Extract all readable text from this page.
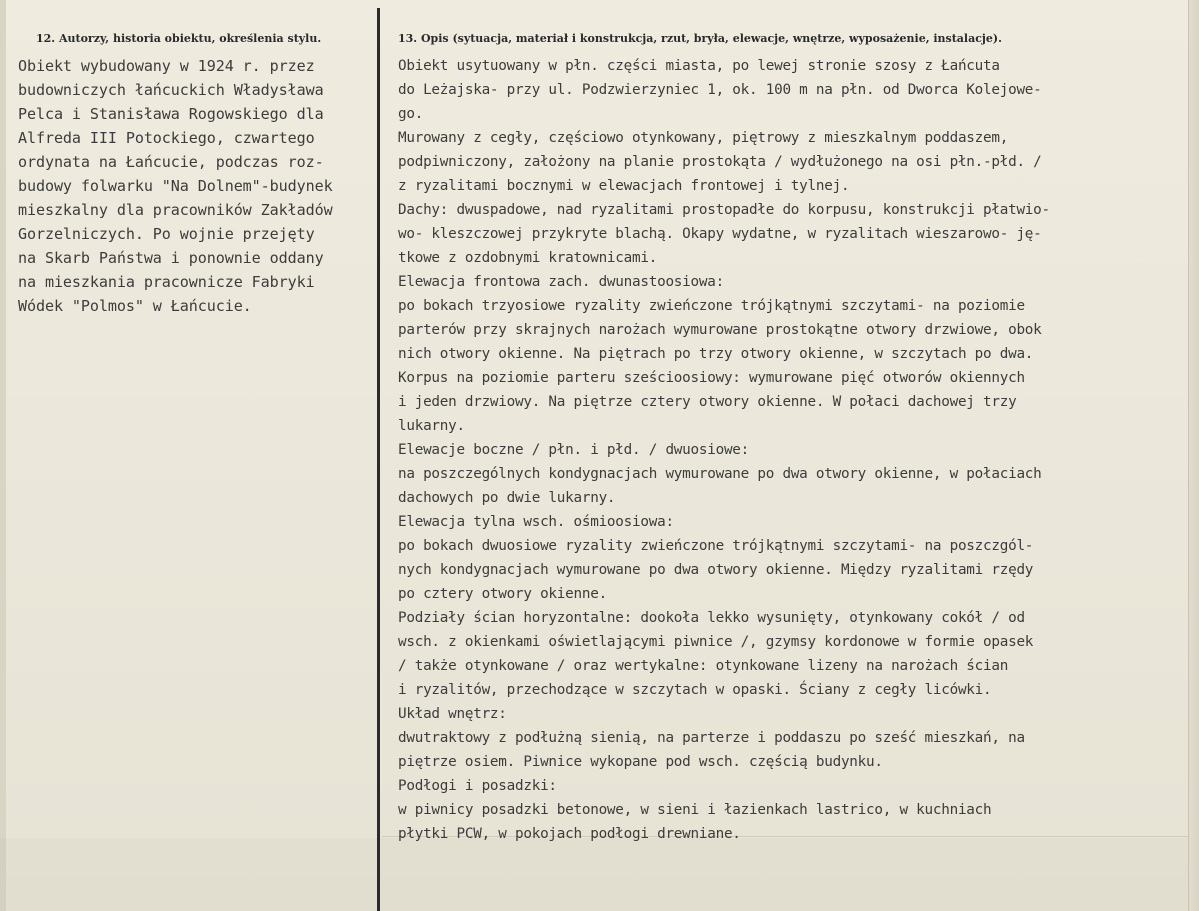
12. Autorzy, historia obiektu, określenia stylu.	13. Opis (sytuacja, materiał i konstrukcja, rzut, bryła, elewacje, wnętrze, wyposażenie, instalacje).
Obiekt wybudowany w 1924 r. przez
budowniczych łańcuckich Władysława
Pelca i Stanisława Rogowskiego dla
Alfreda III Potockiego, czwartego
ordynata na Łańcucie, podczas roz-
budowy folwarku "Na Dolnem"-budynek
mieszkalny dla pracowników Zakładów
Gorzelniczych. Po wojnie przejęty
na Skarb Państwa i ponownie oddany
na mieszkania pracownicze Fabryki
Wódek "Polmos" w Łańcucie.
Obiekt usytuowany w płn. części miasta, po lewej stronie szosy z Łańcuta
do Leżajska- przy ul. Podzwierzyniec 1, ok. 100 m na płn. od Dworca Kolejowe-
go.
Murowany z cegły, częściowo otynkowany, piętrowy z mieszkalnym poddaszem,
podpiwniczony, założony na planie prostokąta / wydłużonego na osi płn.-płd. /
z ryzalitami bocznymi w elewacjach frontowej i tylnej.
Dachy: dwuspadowe, nad ryzalitami prostopadłe do korpusu, konstrukcji płatwio-
wo- kleszczowej przykryte blachą. Okapy wydatne, w ryzalitach wieszarowo- ję-
tkowe z ozdobnymi kratownicami.
Elewacja frontowa zach. dwunastoosiowa:
po bokach trzyosiowe ryzality zwieńczone trójkątnymi szczytami- na poziomie
parterów przy skrajnych narożach wymurowane prostokątne otwory drzwiowe, obok
nich otwory okienne. Na piętrach po trzy otwory okienne, w szczytach po dwa.
Korpus na poziomie parteru sześcioosiowy: wymurowane pięć otworów okiennych
i jeden drzwiowy. Na piętrze cztery otwory okienne. W połaci dachowej trzy
lukarny.
Elewacje boczne / płn. i płd. / dwuosiowe:
na poszczególnych kondygnacjach wymurowane po dwa otwory okienne, w połaciach
dachowych po dwie lukarny.
Elewacja tylna wsch. ośmioosiowa:
po bokach dwuosiowe ryzality zwieńczone trójkątnymi szczytami- na poszczgól-
nych kondygnacjach wymurowane po dwa otwory okienne. Między ryzalitami rzędy
po cztery otwory okienne.
Podziały ścian horyzontalne: dookoła lekko wysunięty, otynkowany cokół / od
wsch. z okienkami oświetlającymi piwnice /, gzymsy kordonowe w formie opasek
/ także otynkowane / oraz wertykalne: otynkowane lizeny na narożach ścian
i ryzalitów, przechodzące w szczytach w opaski. Ściany z cegły licówki.
Układ wnętrz:
dwutraktowy z podłużną sienią, na parterze i poddaszu po sześć mieszkań, na
piętrze osiem. Piwnice wykopane pod wsch. częścią budynku.
Podłogi i posadzki:
w piwnicy posadzki betonowe, w sieni i łazienkach lastrico, w kuchniach
płytki PCW, w pokojach podłogi drewniane.
